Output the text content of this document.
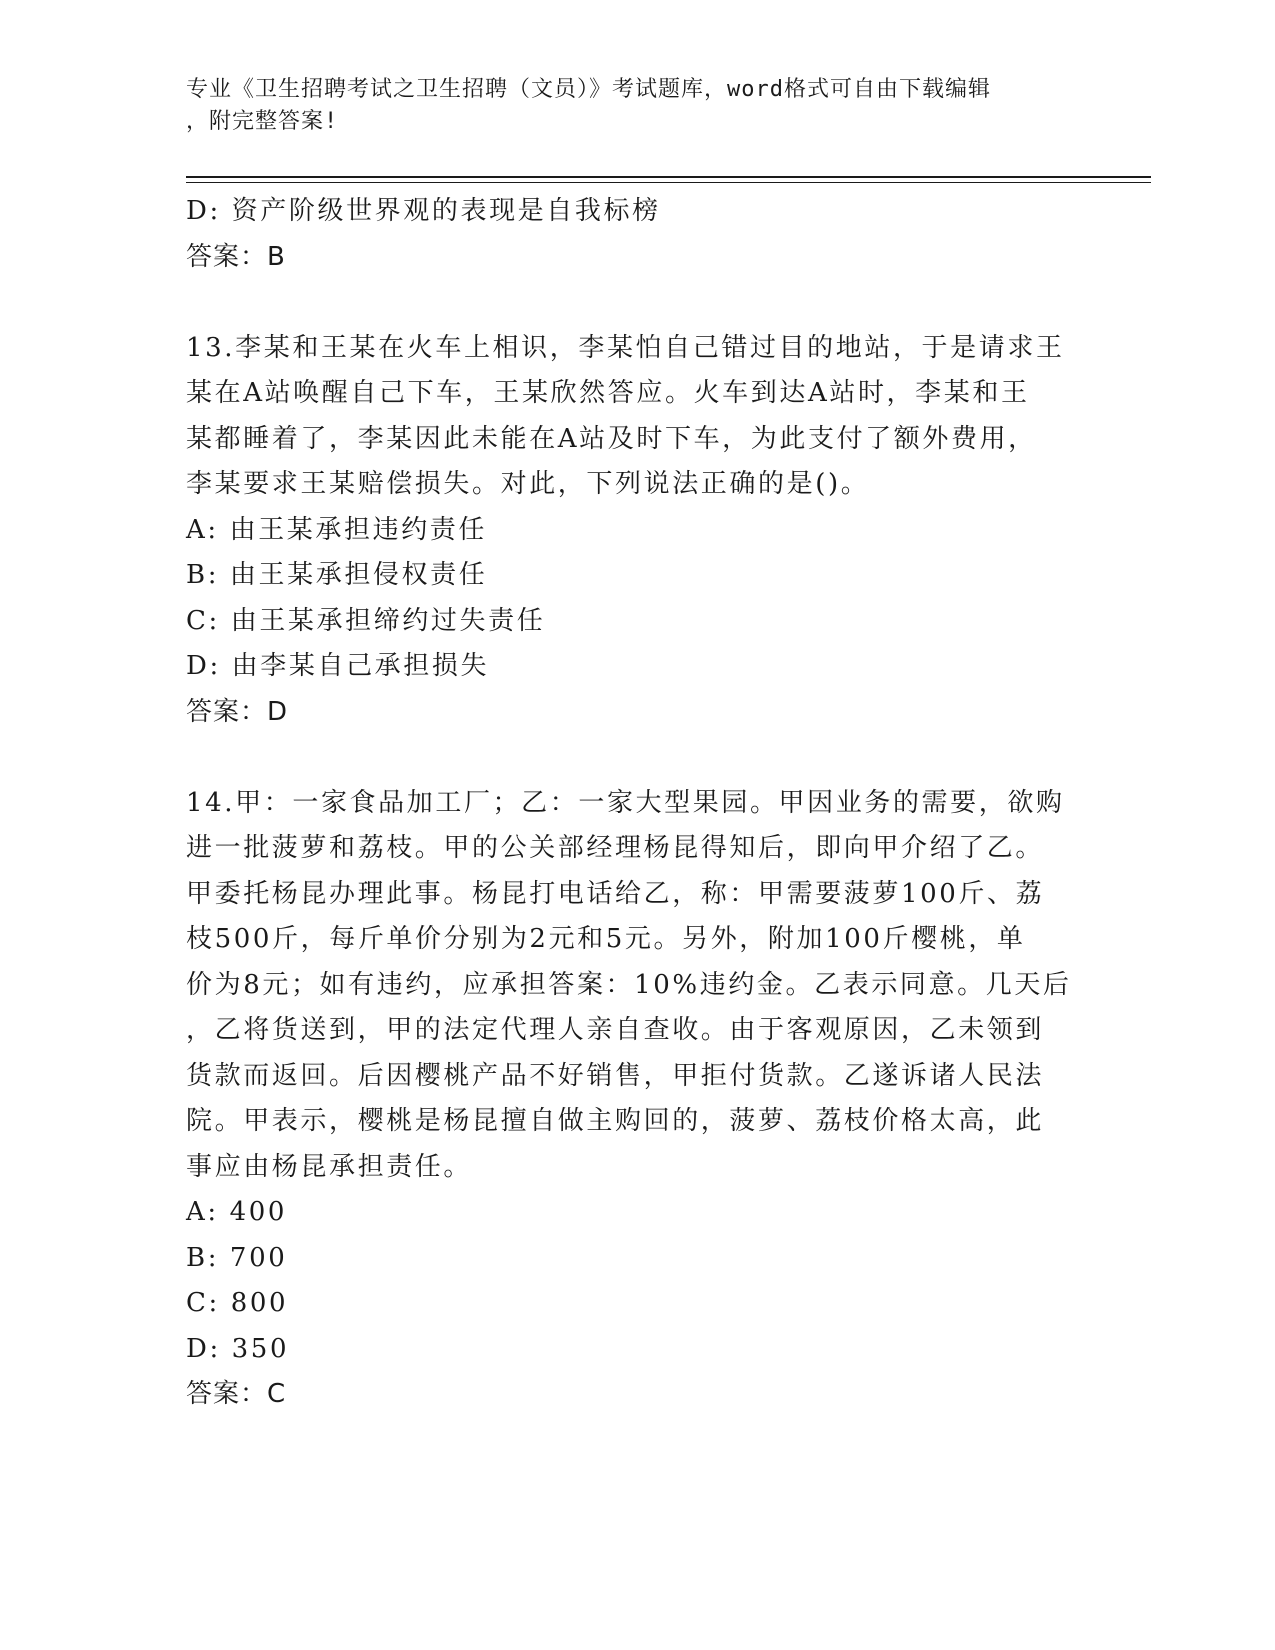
专业《卫生招聘考试之卫生招聘（文员）》考试题库，word格式可自由下载编辑
，附完整答案!
D: 资产阶级世界观的表现是自我标榜
答案：B
13.李某和王某在火车上相识，李某怕自己错过目的地站，于是请求王
某在A站唤醒自己下车，王某欣然答应。火车到达A站时，李某和王
某都睡着了，李某因此未能在A站及时下车，为此支付了额外费用，
李某要求王某赔偿损失。对此，下列说法正确的是()。
A: 由王某承担违约责任
B: 由王某承担侵权责任
C: 由王某承担缔约过失责任
D: 由李某自己承担损失
答案：D
14.甲：一家食品加工厂；乙：一家大型果园。甲因业务的需要，欲购
进一批菠萝和荔枝。甲的公关部经理杨昆得知后，即向甲介绍了乙。
甲委托杨昆办理此事。杨昆打电话给乙，称：甲需要菠萝100斤、荔
枝500斤，每斤单价分别为2元和5元。另外，附加100斤樱桃，单
价为8元；如有违约，应承担答案：10%违约金。乙表示同意。几天后
，乙将货送到，甲的法定代理人亲自查收。由于客观原因，乙未领到
货款而返回。后因樱桃产品不好销售，甲拒付货款。乙遂诉诸人民法
院。甲表示，樱桃是杨昆擅自做主购回的，菠萝、荔枝价格太高，此
事应由杨昆承担责任。
A: 400
B: 700
C: 800
D: 350
答案：C
